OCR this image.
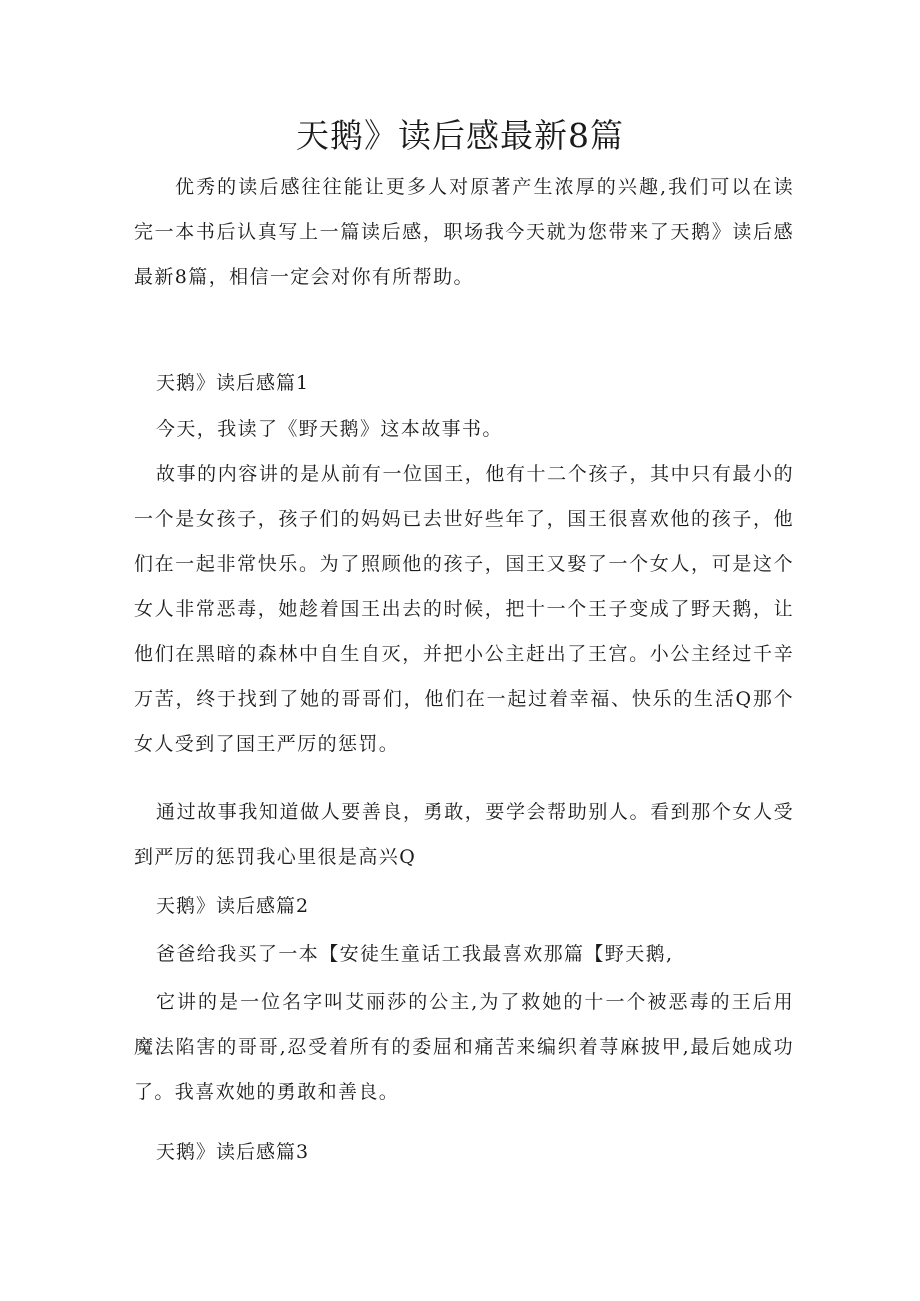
天鹅》读后感最新8篇

优秀的读后感往往能让更多人对原著产生浓厚的兴趣,我们可以在读完一本书后认真写上一篇读后感，职场我今天就为您带来了天鹅》读后感最新8篇，相信一定会对你有所帮助。

天鹅》读后感篇1

今天，我读了《野天鹅》这本故事书。

故事的内容讲的是从前有一位国王，他有十二个孩子，其中只有最小的一个是女孩子，孩子们的妈妈已去世好些年了，国王很喜欢他的孩子，他们在一起非常快乐。为了照顾他的孩子，国王又娶了一个女人，可是这个女人非常恶毒，她趁着国王出去的时候，把十一个王子变成了野天鹅，让他们在黑暗的森林中自生自灭，并把小公主赶出了王宫。小公主经过千辛万苦，终于找到了她的哥哥们，他们在一起过着幸福、快乐的生活Q那个女人受到了国王严厉的惩罚。

通过故事我知道做人要善良，勇敢，要学会帮助别人。看到那个女人受到严厉的惩罚我心里很是高兴Q

天鹅》读后感篇2

爸爸给我买了一本【安徒生童话工我最喜欢那篇【野天鹅,

它讲的是一位名字叫艾丽莎的公主,为了救她的十一个被恶毒的王后用魔法陷害的哥哥,忍受着所有的委屈和痛苦来编织着荨麻披甲,最后她成功了。我喜欢她的勇敢和善良。

天鹅》读后感篇3
